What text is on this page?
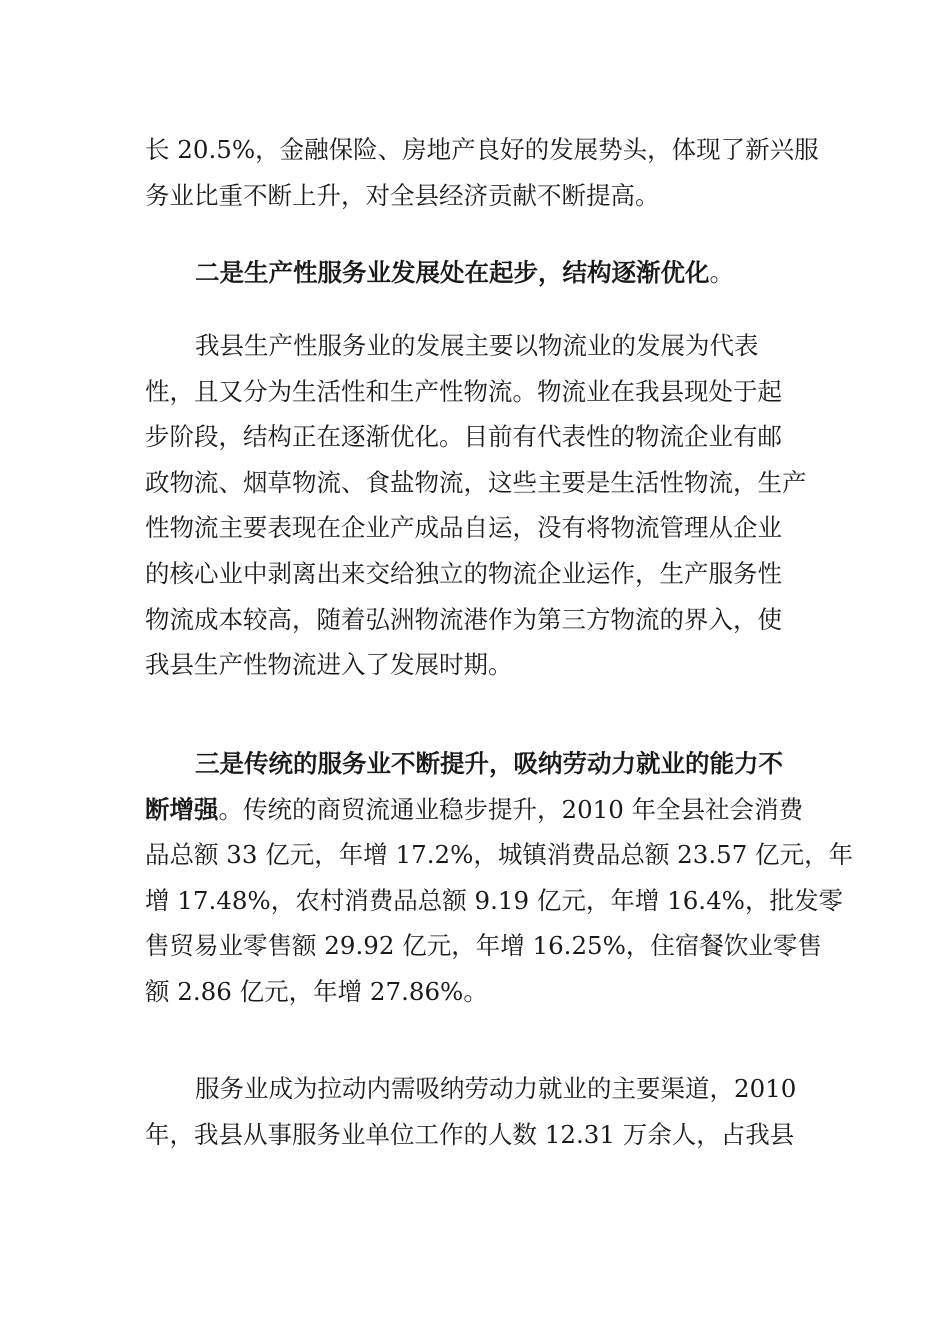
长 20.5%，金融保险、房地产良好的发展势头，体现了新兴服
务业比重不断上升，对全县经济贡献不断提高。

二是生产性服务业发展处在起步，结构逐渐优化。

我县生产性服务业的发展主要以物流业的发展为代表
性，且又分为生活性和生产性物流。物流业在我县现处于起
步阶段，结构正在逐渐优化。目前有代表性的物流企业有邮
政物流、烟草物流、食盐物流，这些主要是生活性物流，生产
性物流主要表现在企业产成品自运，没有将物流管理从企业
的核心业中剥离出来交给独立的物流企业运作，生产服务性
物流成本较高，随着弘洲物流港作为第三方物流的界入，使
我县生产性物流进入了发展时期。

三是传统的服务业不断提升，吸纳劳动力就业的能力不
断增强。传统的商贸流通业稳步提升，2010 年全县社会消费
品总额 33 亿元，年增 17.2%，城镇消费品总额 23.57 亿元，年
增 17.48%，农村消费品总额 9.19 亿元，年增 16.4%，批发零
售贸易业零售额 29.92 亿元，年增 16.25%，住宿餐饮业零售
额 2.86 亿元，年增 27.86%。

服务业成为拉动内需吸纳劳动力就业的主要渠道，2010
年，我县从事服务业单位工作的人数 12.31 万余人，占我县
